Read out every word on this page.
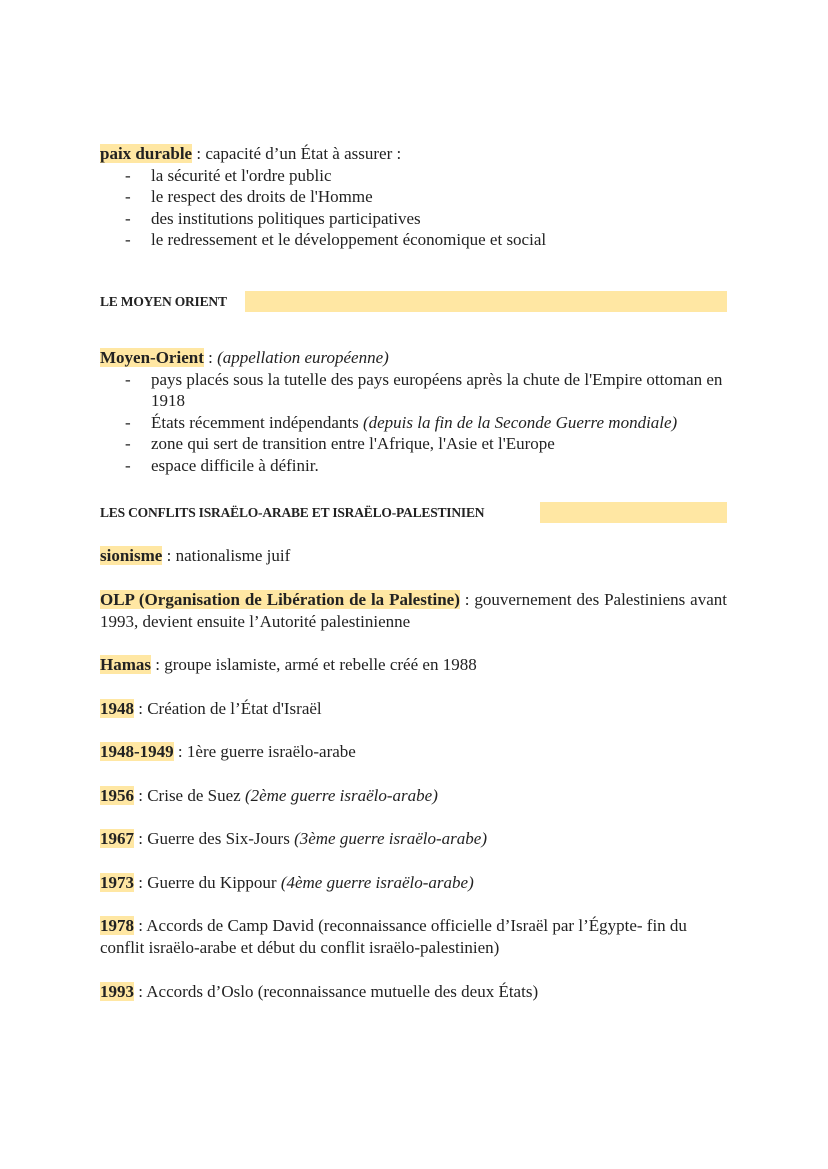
paix durable : capacité d’un État à assurer :
- la sécurité et l'ordre public
- le respect des droits de l'Homme
- des institutions politiques participatives
- le redressement et le développement économique et social
LE MOYEN ORIENT
Moyen-Orient : (appellation européenne)
- pays placés sous la tutelle des pays européens après la chute de l'Empire ottoman en 1918
- États récemment indépendants (depuis la fin de la Seconde Guerre mondiale)
- zone qui sert de transition entre l'Afrique, l'Asie et l'Europe
- espace difficile à définir.
LES CONFLITS ISRAËLO-ARABE ET ISRAËLO-PALESTINIEN
sionisme : nationalisme juif
OLP (Organisation de Libération de la Palestine) : gouvernement des Palestiniens avant 1993, devient ensuite l’Autorité palestinienne
Hamas : groupe islamiste, armé et rebelle créé en 1988
1948 : Création de l’État d'Israël
1948-1949 : 1ère guerre israëlo-arabe
1956 : Crise de Suez (2ème guerre israëlo-arabe)
1967 : Guerre des Six-Jours (3ème guerre israëlo-arabe)
1973 : Guerre du Kippour (4ème guerre israëlo-arabe)
1978 : Accords de Camp David (reconnaissance officielle d’Israël par l’Égypte- fin du conflit israëlo-arabe et début du conflit israëlo-palestinien)
1993 : Accords d’Oslo (reconnaissance mutuelle des deux États)
